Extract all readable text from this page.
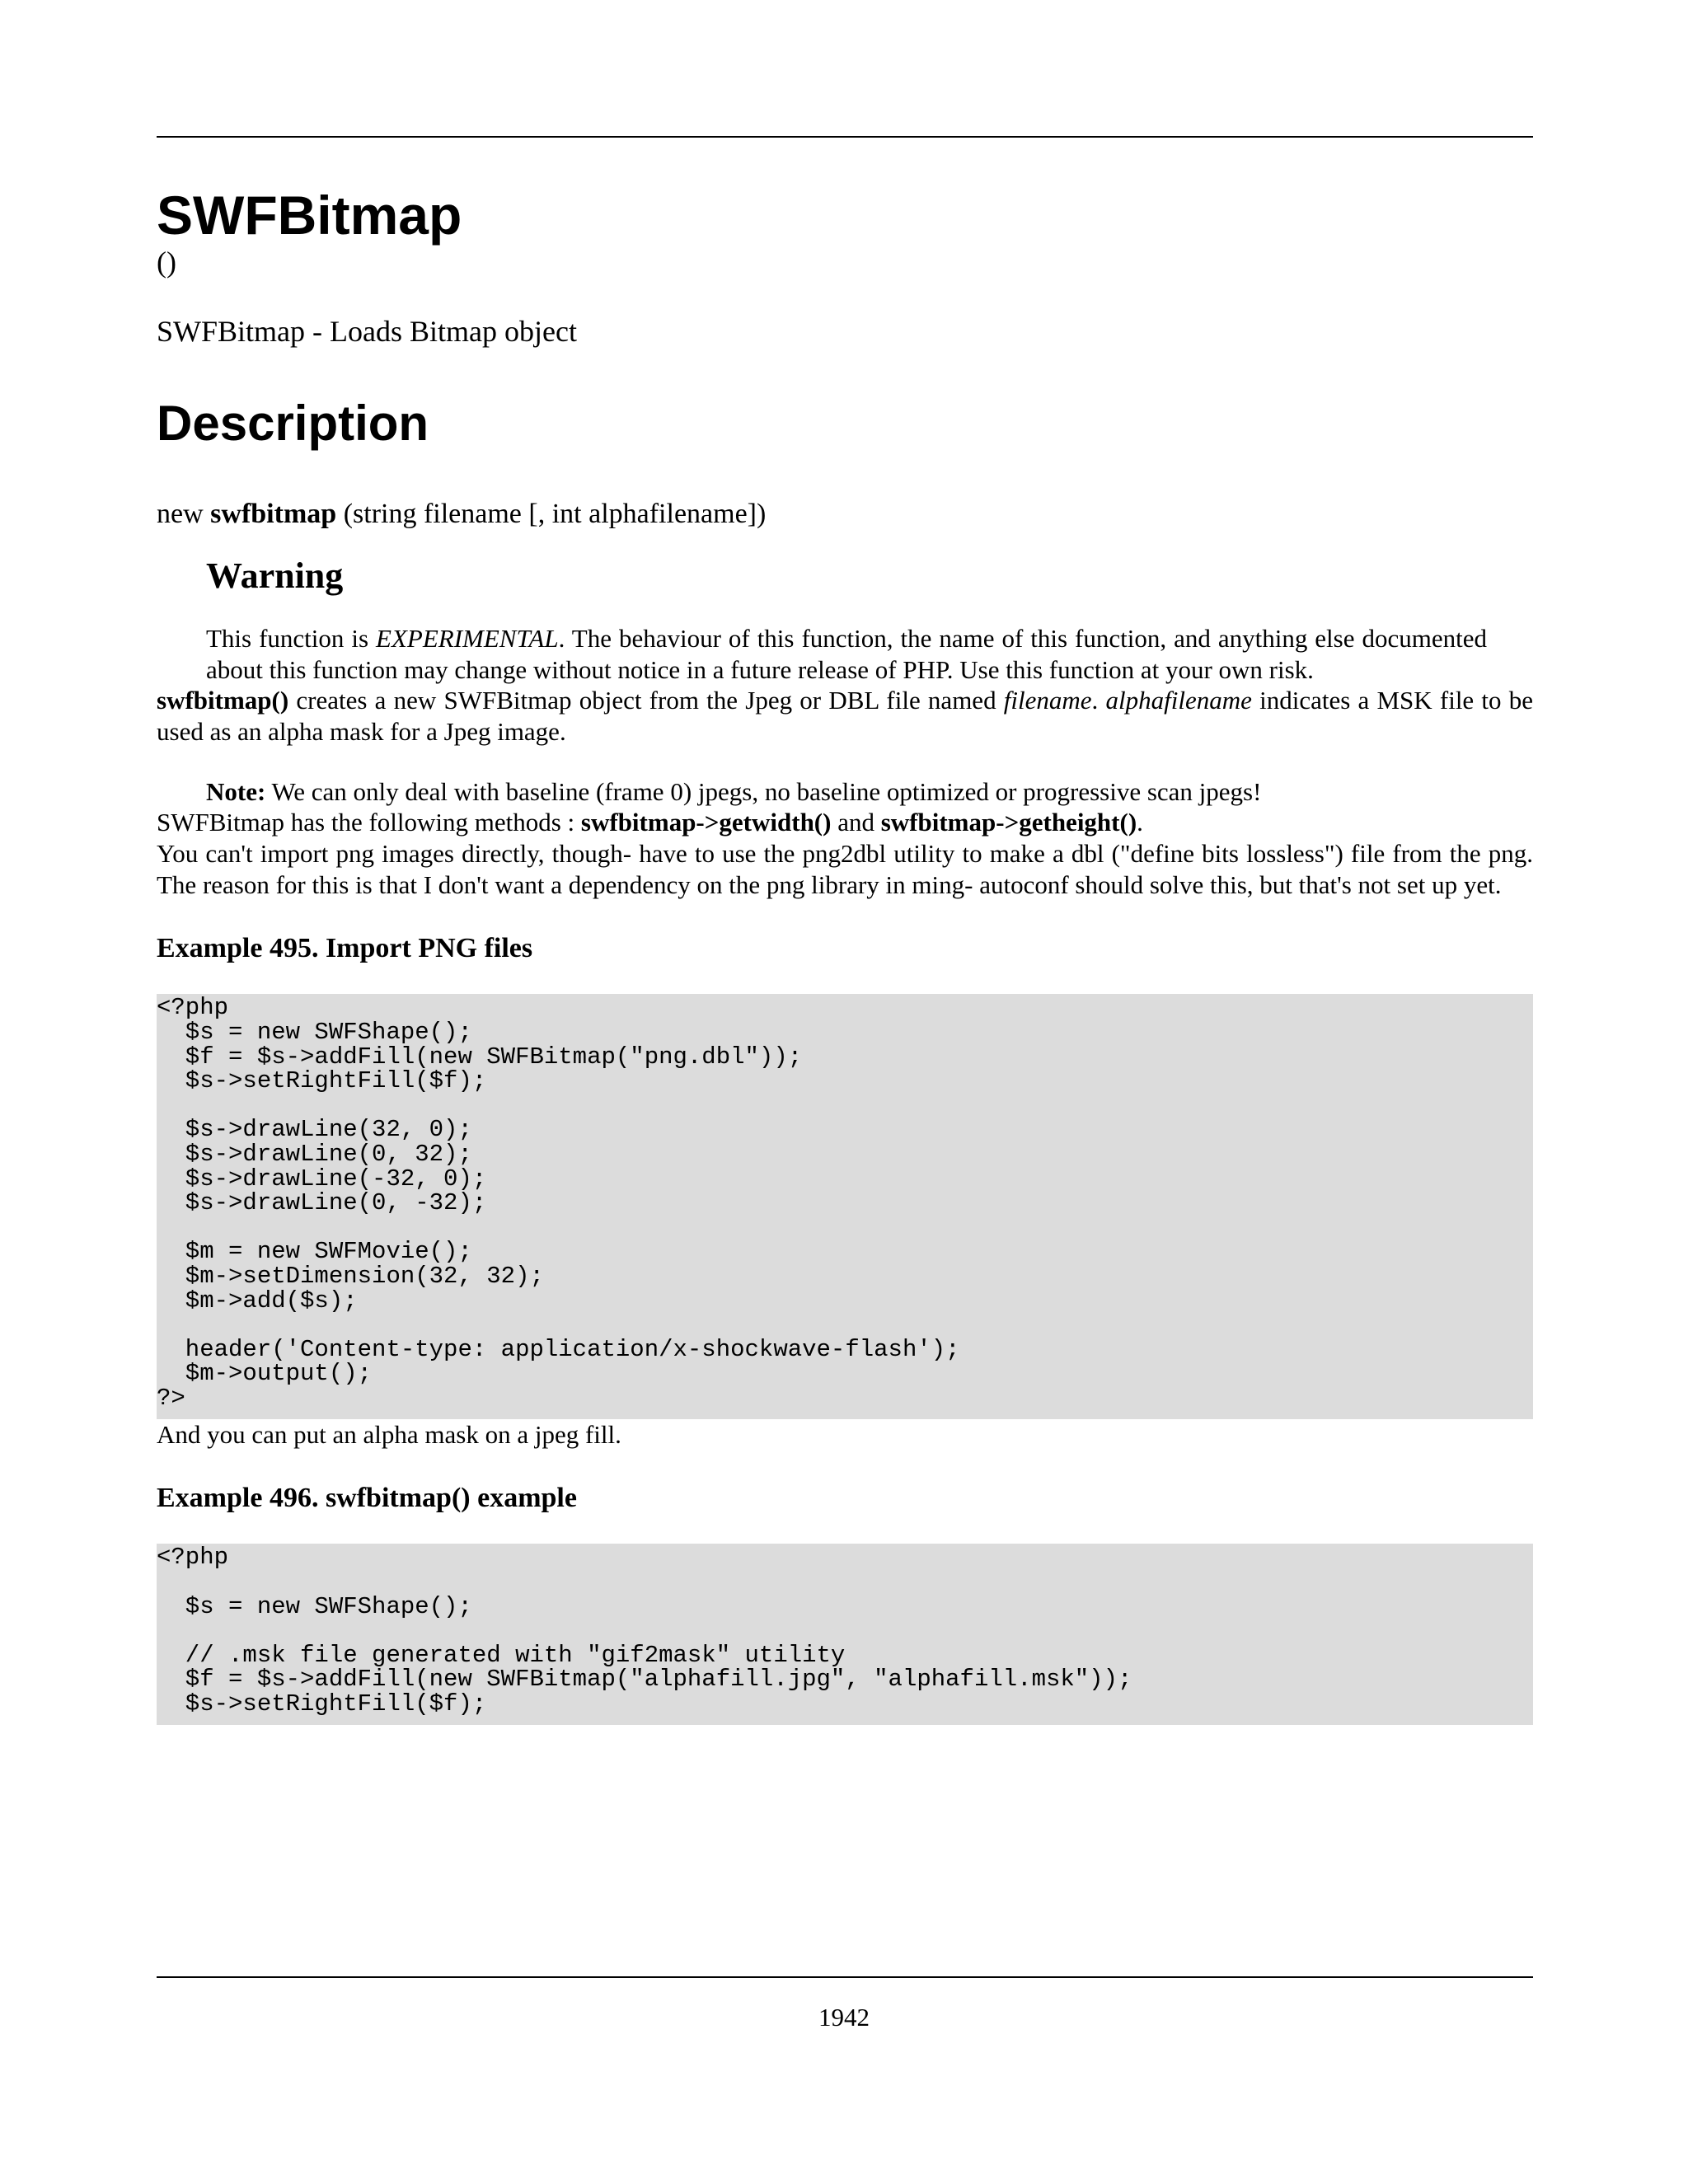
SWFBitmap
()
SWFBitmap - Loads Bitmap object
Description
new swfbitmap (string filename [, int alphafilename])
Warning

This function is EXPERIMENTAL. The behaviour of this function, the name of this function, and anything else documented about this function may change without notice in a future release of PHP. Use this function at your own risk.

swfbitmap() creates a new SWFBitmap object from the Jpeg or DBL file named filename. alphafilename indicates a MSK file to be used as an alpha mask for a Jpeg image.

Note: We can only deal with baseline (frame 0) jpegs, no baseline optimized or progressive scan jpegs!

SWFBitmap has the following methods : swfbitmap->getwidth() and swfbitmap->getheight().

You can't import png images directly, though- have to use the png2dbl utility to make a dbl ("define bits lossless") file from the png. The reason for this is that I don't want a dependency on the png library in ming- autoconf should solve this, but that's not set up yet.

Example 495. Import PNG files
<?php
$s = new SWFShape();
$f = $s->addFill(new SWFBitmap("png.dbl"));
$s->setRightFill($f);

$s->drawLine(32, 0);
$s->drawLine(0, 32);
$s->drawLine(-32, 0);
$s->drawLine(0, -32);

$m = new SWFMovie();
$m->setDimension(32, 32);
$m->add($s);

header('Content-type: application/x-shockwave-flash');
$m->output();
?>

And you can put an alpha mask on a jpeg fill.

Example 496. swfbitmap() example
<?php

$s = new SWFShape();

// .msk file generated with "gif2mask" utility
$f = $s->addFill(new SWFBitmap("alphafill.jpg", "alphafill.msk"));
$s->setRightFill($f);

1942
